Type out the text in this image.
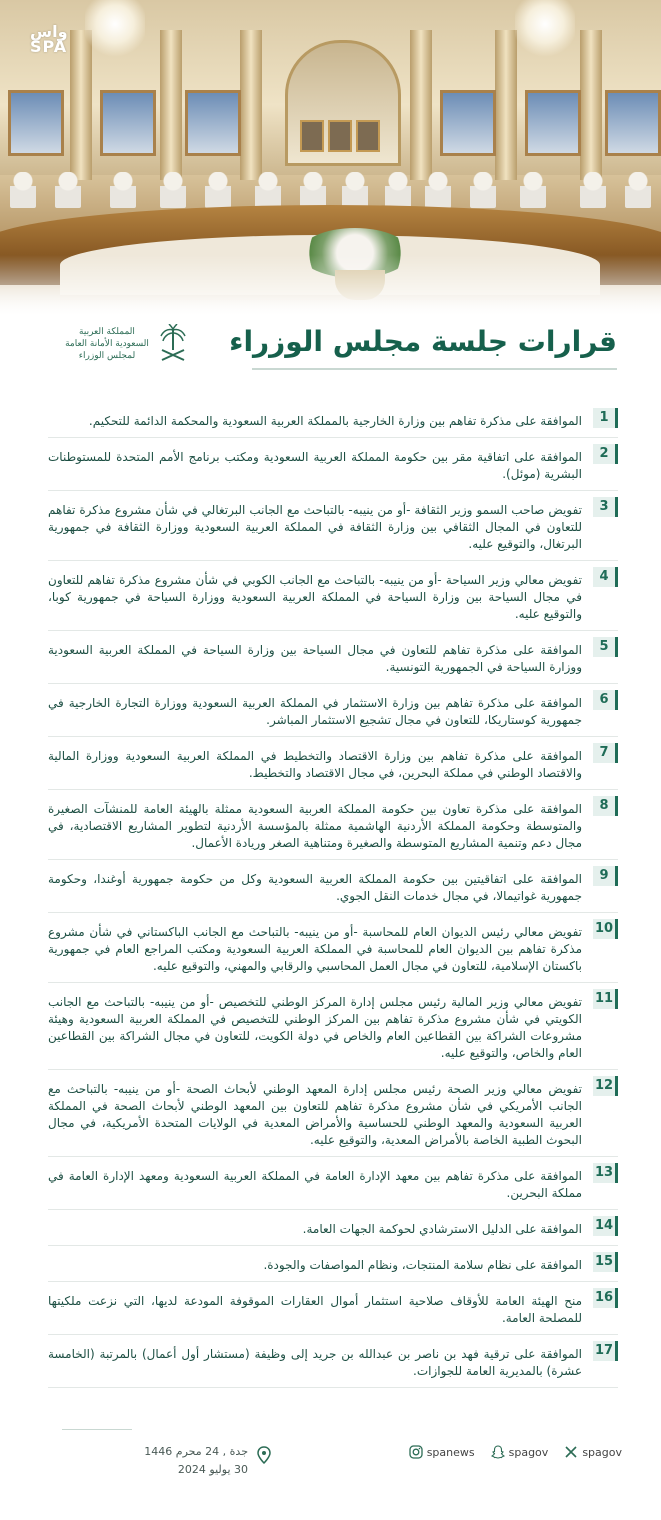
واس SPA
المملكة العربية السعودية الأمانة العامة لمجلس الوزراء	قرارات جلسة مجلس الوزراء
1
الموافقة على مذكرة تفاهم بين وزارة الخارجية بالمملكة العربية السعودية والمحكمة الدائمة للتحكيم.
2
الموافقة على اتفاقية مقر بين حكومة المملكة العربية السعودية ومكتب برنامج الأمم المتحدة للمستوطنات البشرية (موئل).
3
تفويض صاحب السمو وزير الثقافة -أو من ينيبه- بالتباحث مع الجانب البرتغالي في شأن مشروع مذكرة تفاهم للتعاون في المجال الثقافي بين وزارة الثقافة في المملكة العربية السعودية ووزارة الثقافة في جمهورية البرتغال، والتوقيع عليه.
4
تفويض معالي وزير السياحة -أو من ينيبه- بالتباحث مع الجانب الكوبي في شأن مشروع مذكرة تفاهم للتعاون في مجال السياحة بين وزارة السياحة في المملكة العربية السعودية ووزارة السياحة في جمهورية كوبا، والتوقيع عليه.
5
الموافقة على مذكرة تفاهم للتعاون في مجال السياحة بين وزارة السياحة في المملكة العربية السعودية ووزارة السياحة في الجمهورية التونسية.
6
الموافقة على مذكرة تفاهم بين وزارة الاستثمار في المملكة العربية السعودية ووزارة التجارة الخارجية في جمهورية كوستاريكا، للتعاون في مجال تشجيع الاستثمار المباشر.
7
الموافقة على مذكرة تفاهم بين وزارة الاقتصاد والتخطيط في المملكة العربية السعودية ووزارة المالية والاقتصاد الوطني في مملكة البحرين، في مجال الاقتصاد والتخطيط.
8
الموافقة على مذكرة تعاون بين حكومة المملكة العربية السعودية ممثلة بالهيئة العامة للمنشآت الصغيرة والمتوسطة وحكومة المملكة الأردنية الهاشمية ممثلة بالمؤسسة الأردنية لتطوير المشاريع الاقتصادية، في مجال دعم وتنمية المشاريع المتوسطة والصغيرة ومتناهية الصغر وريادة الأعمال.
9
الموافقة على اتفاقيتين بين حكومة المملكة العربية السعودية وكل من حكومة جمهورية أوغندا، وحكومة جمهورية غواتيمالا، في مجال خدمات النقل الجوي.
10
تفويض معالي رئيس الديوان العام للمحاسبة -أو من ينيبه- بالتباحث مع الجانب الباكستاني في شأن مشروع مذكرة تفاهم بين الديوان العام للمحاسبة في المملكة العربية السعودية ومكتب المراجع العام في جمهورية باكستان الإسلامية، للتعاون في مجال العمل المحاسبي والرقابي والمهني، والتوقيع عليه.
11
تفويض معالي وزير المالية رئيس مجلس إدارة المركز الوطني للتخصيص -أو من ينيبه- بالتباحث مع الجانب الكويتي في شأن مشروع مذكرة تفاهم بين المركز الوطني للتخصيص في المملكة العربية السعودية وهيئة مشروعات الشراكة بين القطاعين العام والخاص في دولة الكويت، للتعاون في مجال الشراكة بين القطاعين العام والخاص، والتوقيع عليه.
12
تفويض معالي وزير الصحة رئيس مجلس إدارة المعهد الوطني لأبحاث الصحة -أو من ينيبه- بالتباحث مع الجانب الأمريكي في شأن مشروع مذكرة تفاهم للتعاون بين المعهد الوطني لأبحاث الصحة في المملكة العربية السعودية والمعهد الوطني للحساسية والأمراض المعدية في الولايات المتحدة الأمريكية، في مجال البحوث الطبية الخاصة بالأمراض المعدية، والتوقيع عليه.
13
الموافقة على مذكرة تفاهم بين معهد الإدارة العامة في المملكة العربية السعودية ومعهد الإدارة العامة في مملكة البحرين.
14
الموافقة على الدليل الاسترشادي لحوكمة الجهات العامة.
15
الموافقة على نظام سلامة المنتجات، ونظام المواصفات والجودة.
16
منح الهيئة العامة للأوقاف صلاحية استثمار أموال العقارات الموقوفة المودعة لديها، التي نزعت ملكيتها للمصلحة العامة.
17
الموافقة على ترقية فهد بن ناصر بن عبدالله بن جريد إلى وظيفة (مستشار أول أعمال) بالمرتبة (الخامسة عشرة) بالمديرية العامة للجوازات.
جدة , 24 محرم 1446
30 يوليو 2024
spanews	spagov	spagov
